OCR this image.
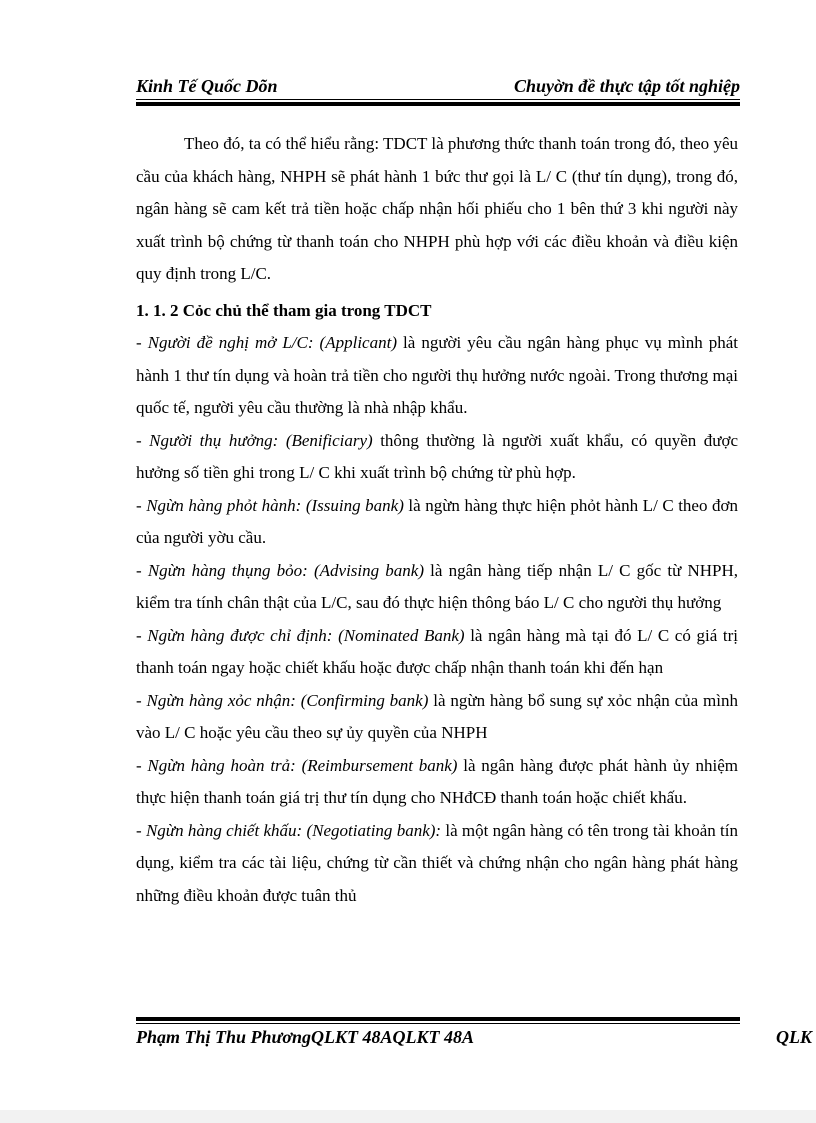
Kinh Tế Quốc Dõn	Chuyờn đề thực tập tốt nghiệp

Theo đó, ta có thể hiểu rằng: TDCT là phương thức thanh toán trong đó, theo yêu cầu của khách hàng, NHPH sẽ phát hành 1 bức thư gọi là L/ C (thư tín dụng), trong đó, ngân hàng sẽ cam kết trả tiền hoặc chấp nhận hối phiếu cho 1 bên thứ 3 khi người này xuất trình bộ chứng từ thanh toán cho NHPH phù hợp với các điều khoản và điều kiện quy định trong L/C.

1. 1. 2 Cỏc chủ thể tham gia trong TDCT

- Người đề nghị mở L/C: (Applicant) là người yêu cầu ngân hàng phục vụ mình phát hành 1 thư tín dụng và hoàn trả tiền cho người thụ hưởng nước ngoài. Trong thương mại quốc tế, người yêu cầu thường là nhà nhập khẩu.

- Người thụ hưởng: (Benificiary) thông thường là người xuất khẩu, có quyền được hưởng số tiền ghi trong L/ C khi xuất trình bộ chứng từ phù hợp.

- Ngừn hàng phỏt hành: (Issuing bank) là ngừn hàng thực hiện phỏt hành L/ C theo đơn của người yờu cầu.

- Ngừn hàng thụng bỏo: (Advising bank) là ngân hàng tiếp nhận L/ C gốc từ NHPH, kiểm tra tính chân thật của L/C, sau đó thực hiện thông báo L/ C cho người thụ hưởng

- Ngừn hàng được chỉ định: (Nominated Bank) là ngân hàng mà tại đó L/ C có giá trị thanh toán ngay hoặc chiết khấu hoặc được chấp nhận thanh toán khi đến hạn

- Ngừn hàng xỏc nhận: (Confirming bank) là ngừn hàng bổ sung sự xỏc nhận của mình vào L/ C hoặc yêu cầu theo sự ủy quyền của NHPH

- Ngừn hàng hoàn trả: (Reimbursement bank) là ngân hàng được phát hành ủy nhiệm thực hiện thanh toán giá trị thư tín dụng cho NHđCĐ thanh toán hoặc chiết khấu.

- Ngừn hàng chiết khấu: (Negotiating bank): là một ngân hàng có tên trong tài khoản tín dụng, kiểm tra các tài liệu, chứng từ cần thiết và chứng nhận cho ngân hàng phát hàng những điều khoản được tuân thủ

Phạm Thị Thu PhươngQLKT 48AQLKT 48A	QLK
